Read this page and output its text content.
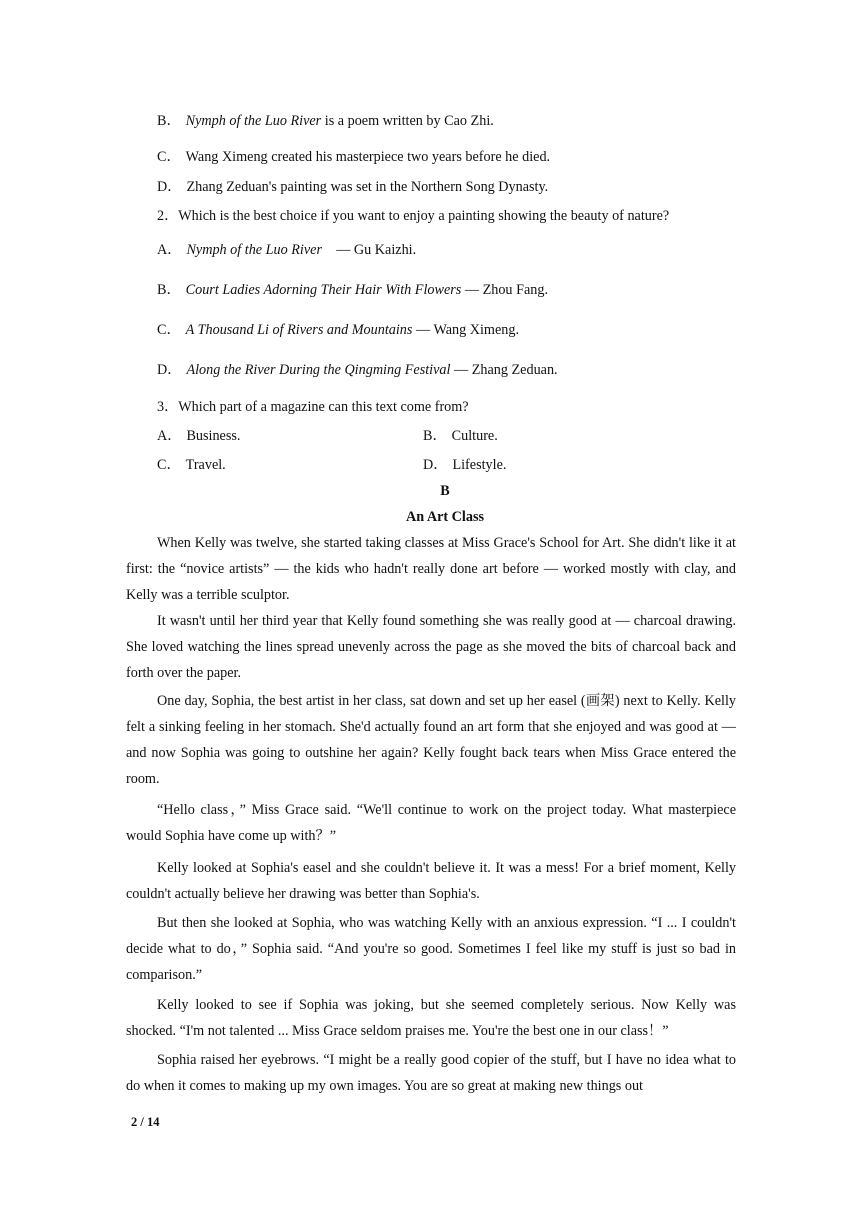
B． Nymph of the Luo River is a poem written by Cao Zhi.
C． Wang Ximeng created his masterpiece two years before he died.
D． Zhang Zeduan's painting was set in the Northern Song Dynasty.
2．Which is the best choice if you want to enjoy a painting showing the beauty of nature?
A． Nymph of the Luo River　— Gu Kaizhi.
B． Court Ladies Adorning Their Hair With Flowers — Zhou Fang.
C． A Thousand Li of Rivers and Mountains — Wang Ximeng.
D． Along the River During the Qingming Festival — Zhang Zeduan.
3．Which part of a magazine can this text come from?
A． Business.	B． Culture.
C． Travel.	D． Lifestyle.
B
An Art Class

When Kelly was twelve, she started taking classes at Miss Grace's School for Art. She didn't like it at first: the “novice artists” — the kids who hadn't really done art before — worked mostly with clay, and Kelly was a terrible sculptor.

It wasn't until her third year that Kelly found something she was really good at — charcoal drawing. She loved watching the lines spread unevenly across the page as she moved the bits of charcoal back and forth over the paper.

One day, Sophia, the best artist in her class, sat down and set up her easel (画架) next to Kelly. Kelly felt a sinking feeling in her stomach. She'd actually found an art form that she enjoyed and was good at — and now Sophia was going to outshine her again? Kelly fought back tears when Miss Grace entered the room.

“Hello class，” Miss Grace said. “We'll continue to work on the project today. What masterpiece would Sophia have come up with？”

Kelly looked at Sophia's easel and she couldn't believe it. It was a mess! For a brief moment, Kelly couldn't actually believe her drawing was better than Sophia's.

But then she looked at Sophia, who was watching Kelly with an anxious expression. “I ... I couldn't decide what to do，” Sophia said. “And you're so good. Sometimes I feel like my stuff is just so bad in comparison.”

Kelly looked to see if Sophia was joking, but she seemed completely serious. Now Kelly was shocked. “I'm not talented ... Miss Grace seldom praises me. You're the best one in our class！”

Sophia raised her eyebrows. “I might be a really good copier of the stuff, but I have no idea what to do when it comes to making up my own images. You are so great at making new things out

2 / 14
